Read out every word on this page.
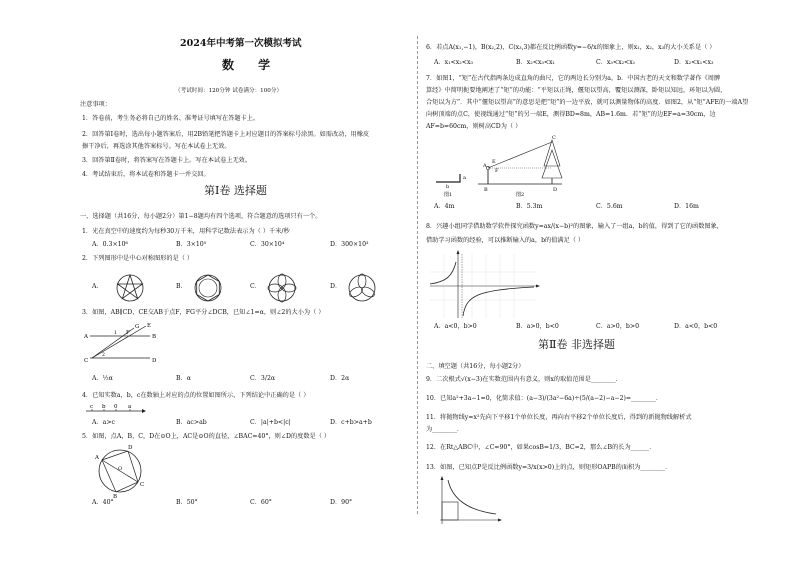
2024年中考第一次模拟考试
数 学
（考试时间：120分钟 试卷满分：100分）
注意事项：
1．答卷前，考生务必将自己的姓名、准考证号填写在答题卡上。
2．回答第Ⅰ卷时，选出每小题答案后，用2B铅笔把答题卡上对应题目的答案标号涂黑。如需改动，用橡皮
擦干净后，再选涂其他答案标号。写在本试卷上无效。
3．回答第Ⅱ卷时，将答案写在答题卡上。写在本试卷上无效。
4．考试结束后，将本试卷和答题卡一并交回。
第Ⅰ卷 选择题
一、选择题（共16分，每小题2分）第1−8题均有四个选项，符合题意的选项只有一个。
1．光在真空中的速度约为每秒30万千米，用科学记数法表示为（ ）千米/秒
A．0.3×10⁶	B．3×10⁵	C．30×10⁴	D．300×10³
2．下列图形中是中心对称图形的是（ ）
A．	B．	C．	D．
3．如图，AB∥CD，CE交AB于点F，FG平分∠DCB，已知∠1=α，则∠2的大小为（ ）
A	B
C	D
E
F
G
1
2
A．½α	B．α	C．3/2α	D．2α
4．已知实数a，b，c在数轴上对应的点的位置如图所示，下列结论中正确的是（ ）
c b 0 a
A．a>c	B．ac>ab	C．|a|+b<|c|	D．c+b>a+b
5．如图，点A，B，C，D在⊙O上，AC是⊙O的直径，∠BAC=40°，则∠D的度数是（ ）
A
B
C
D
O
A．40°	B．50°	C．60°	D．90°
6．若点A(x₁,−1)，B(x₂,2)，C(x₃,3)都在反比例函数y=−6/x的图象上，则x₁，x₂，x₃的大小关系是（ ）
A．x₁<x₂<x₃	B．x₂<x₃<x₁	C．x₃<x₂<x₁	D．x₂<x₁<x₃
7．如图1，“矩”在古代指两条边成直角的曲尺，它的两边长分别为a，b．中国古老的天文和数学著作《周髀
算经》中简明扼要地阐述了“矩”的功能：“平矩以正绳，偃矩以望高，覆矩以测深，卧矩以知远，环矩以为圆，
合矩以为方”．其中“偃矩以望高”的意思是把“矩”的一边平放，就可以测量物体的高度．如图2，从“矩”AFE的一端A望
向树顶端的点C，使视线通过“矩”的另一端E，测得BD=8m，AB=1.6m．若“矩”的边EF=a=30cm，边
AF=b=60cm，则树高CD为（ ）
a
b
图1
C
A
B	D
E
F
图2
A．4m	B．5.3m	C．5.6m	D．16m
8．兴趣小组同学借助数学软件探究函数y=ax/(x−b)²的图象，输入了一组a，b的值，得到了它的函数图象，
借助学习函数的经验，可以推断输入的a，b的值满足（ ）
A．a<0，b>0	B．a>0，b<0	C．a>0，b>0	D．a<0，b<0
第Ⅱ卷 非选择题
二、填空题（共16分，每小题2分）
9．二次根式√(x−3)在实数范围内有意义，则x的取值范围是________．
10．已知a²+3a−1=0，化简求值：(a−3)/(3a²−6a)÷(5/(a−2)−a−2)=________．
11．将抛物线y=x²先向下平移1个单位长度，再向右平移2个单位长度后，得到的新抛物线解析式
为________．
12．在Rt△ABC中，∠C=90°，如果cosB=1/3，BC=2，那么∠B的长为______．
13．如图，已知点P是反比例函数y=3/x(x>0)上的点，则矩形OAPB的面积为________．
